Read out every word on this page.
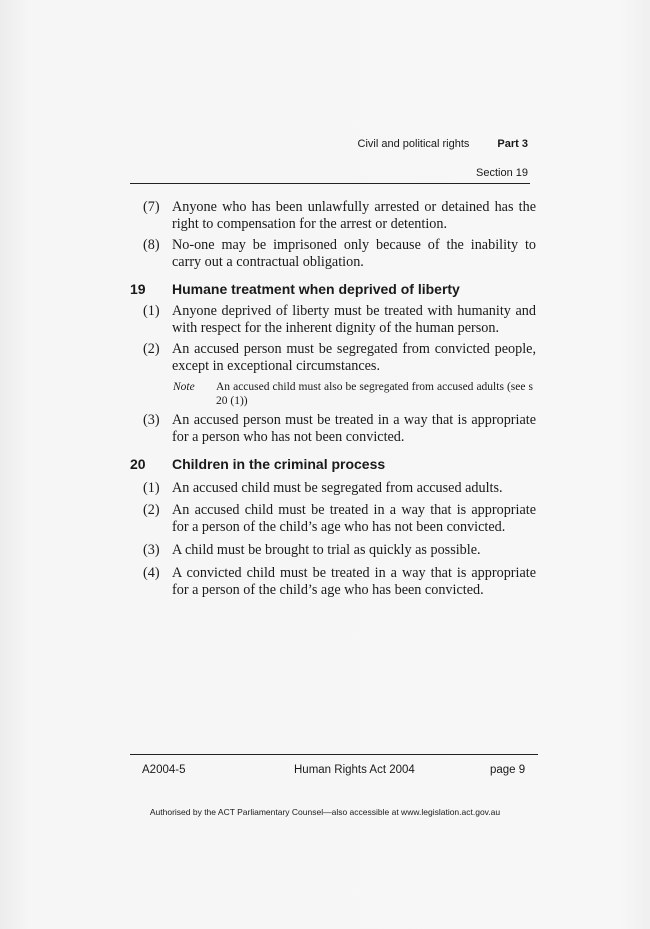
Civil and political rights	Part 3
Section 19
(7) Anyone who has been unlawfully arrested or detained has the right to compensation for the arrest or detention.
(8) No-one may be imprisoned only because of the inability to carry out a contractual obligation.
19	Humane treatment when deprived of liberty
(1) Anyone deprived of liberty must be treated with humanity and with respect for the inherent dignity of the human person.
(2) An accused person must be segregated from convicted people, except in exceptional circumstances.
Note	An accused child must also be segregated from accused adults (see s 20 (1))
(3) An accused person must be treated in a way that is appropriate for a person who has not been convicted.
20	Children in the criminal process
(1) An accused child must be segregated from accused adults.
(2) An accused child must be treated in a way that is appropriate for a person of the child’s age who has not been convicted.
(3) A child must be brought to trial as quickly as possible.
(4) A convicted child must be treated in a way that is appropriate for a person of the child’s age who has been convicted.
A2004-5	Human Rights Act 2004	page 9
Authorised by the ACT Parliamentary Counsel—also accessible at www.legislation.act.gov.au
